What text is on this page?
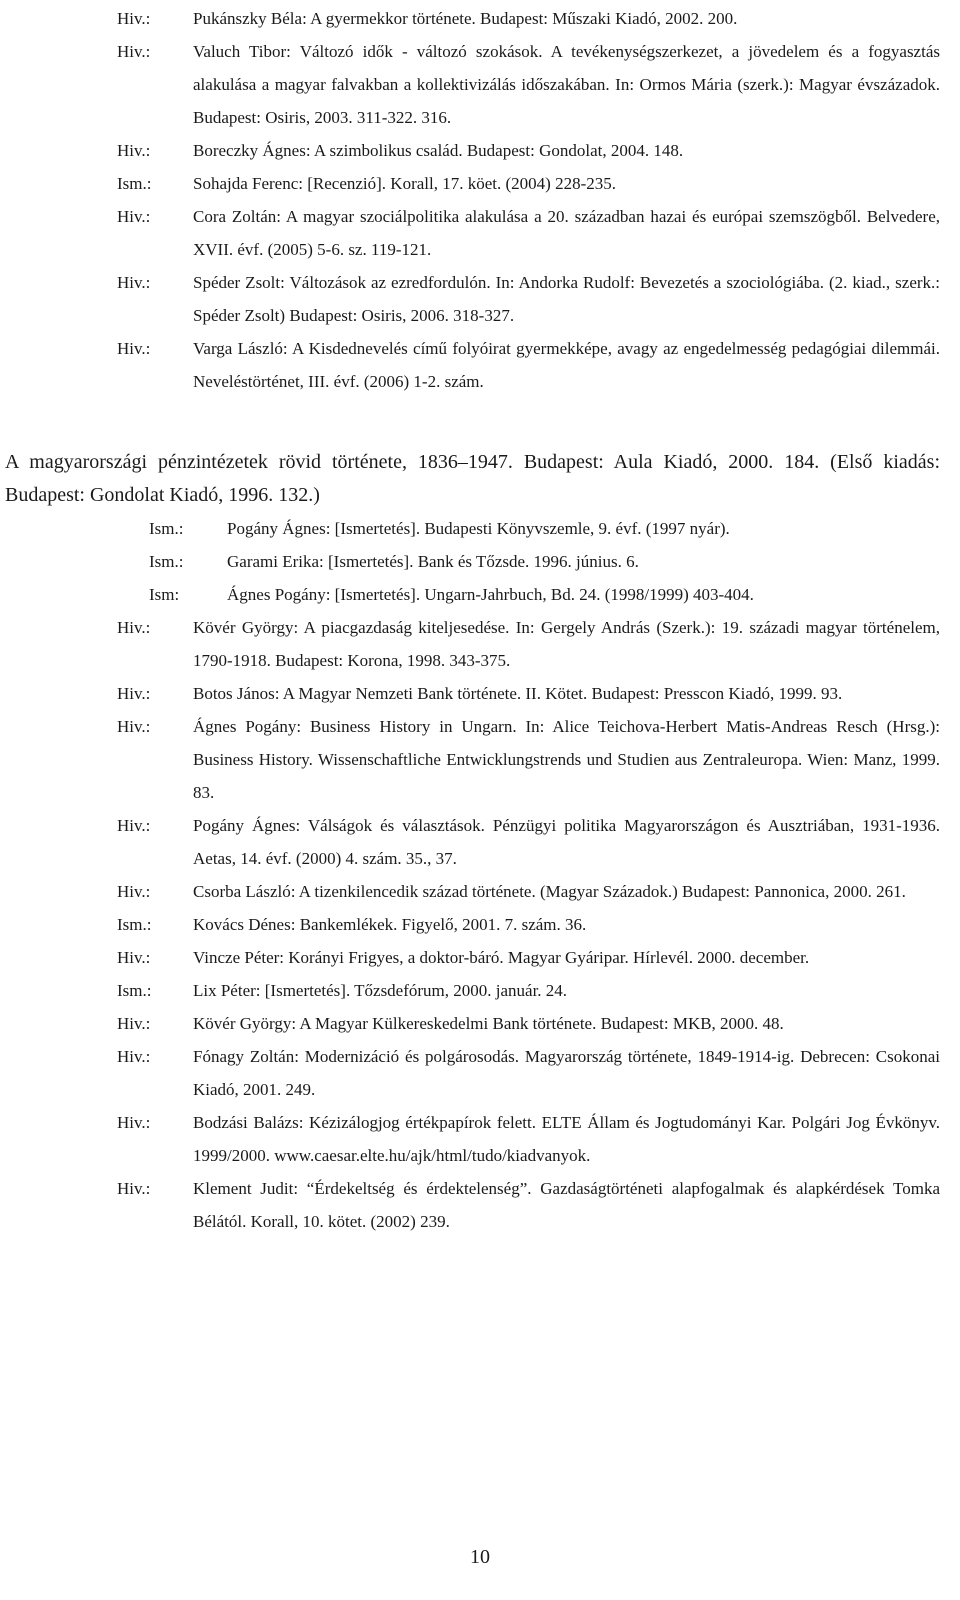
Hiv.:	Pukánszky Béla: A gyermekkor története. Budapest: Műszaki Kiadó, 2002. 200.
Hiv.:	Valuch Tibor: Változó idők - változó szokások. A tevékenységszerkezet, a jövedelem és a fogyasztás alakulása a magyar falvakban a kollektivizálás időszakában. In: Ormos Mária (szerk.): Magyar évszázadok. Budapest: Osiris, 2003. 311-322. 316.
Hiv.:	Boreczky Ágnes: A szimbolikus család. Budapest: Gondolat, 2004. 148.
Ism.:	Sohajda Ferenc: [Recenzió]. Korall, 17. köet. (2004) 228-235.
Hiv.:	Cora Zoltán: A magyar szociálpolitika alakulása a 20. században hazai és európai szemszögből. Belvedere, XVII. évf. (2005) 5-6. sz. 119-121.
Hiv.:	Spéder Zsolt: Változások az ezredfordulón. In: Andorka Rudolf: Bevezetés a szociológiába. (2. kiad., szerk.: Spéder Zsolt) Budapest: Osiris, 2006. 318-327.
Hiv.:	Varga László: A Kisdednevelés című folyóirat gyermekképe, avagy az engedelmesség pedagógiai dilemmái. Neveléstörténet, III. évf. (2006) 1-2. szám.
A magyarországi pénzintézetek rövid története, 1836–1947. Budapest: Aula Kiadó, 2000. 184. (Első kiadás: Budapest: Gondolat Kiadó, 1996. 132.)
Ism.:	Pogány Ágnes: [Ismertetés]. Budapesti Könyvszemle, 9. évf. (1997 nyár).
Ism.:	Garami Erika: [Ismertetés]. Bank és Tőzsde. 1996. június. 6.
Ism:	Ágnes Pogány: [Ismertetés]. Ungarn-Jahrbuch, Bd. 24. (1998/1999) 403-404.
Hiv.:	Kövér György: A piacgazdaság kiteljesedése. In: Gergely András (Szerk.): 19. századi magyar történelem, 1790-1918. Budapest: Korona, 1998. 343-375.
Hiv.:	Botos János: A Magyar Nemzeti Bank története. II. Kötet. Budapest: Presscon Kiadó, 1999. 93.
Hiv.:	Ágnes Pogány: Business History in Ungarn. In: Alice Teichova-Herbert Matis-Andreas Resch (Hrsg.): Business History. Wissenschaftliche Entwicklungstrends und Studien aus Zentraleuropa. Wien: Manz, 1999. 83.
Hiv.:	Pogány Ágnes: Válságok és választások. Pénzügyi politika Magyarországon és Ausztriában, 1931-1936. Aetas, 14. évf. (2000) 4. szám. 35., 37.
Hiv.:	Csorba László: A tizenkilencedik század története. (Magyar Századok.) Budapest: Pannonica, 2000. 261.
Ism.:	Kovács Dénes: Bankemlékek. Figyelő, 2001. 7. szám. 36.
Hiv.:	Vincze Péter: Korányi Frigyes, a doktor-báró. Magyar Gyáripar. Hírlevél. 2000. december.
Ism.:	Lix Péter: [Ismertetés]. Tőzsdefórum, 2000. január. 24.
Hiv.:	Kövér György: A Magyar Külkereskedelmi Bank története. Budapest: MKB, 2000. 48.
Hiv.:	Fónagy Zoltán: Modernizáció és polgárosodás. Magyarország története, 1849-1914-ig. Debrecen: Csokonai Kiadó, 2001. 249.
Hiv.:	Bodzási Balázs: Kézizálogjog értékpapírok felett. ELTE Állam és Jogtudományi Kar. Polgári Jog Évkönyv. 1999/2000. www.caesar.elte.hu/ajk/html/tudo/kiadvanyok.
Hiv.:	Klement Judit: “Érdekeltség és érdektelenség”. Gazdaságtörténeti alapfogalmak és alapkérdések Tomka Bélától. Korall, 10. kötet. (2002) 239.
10
